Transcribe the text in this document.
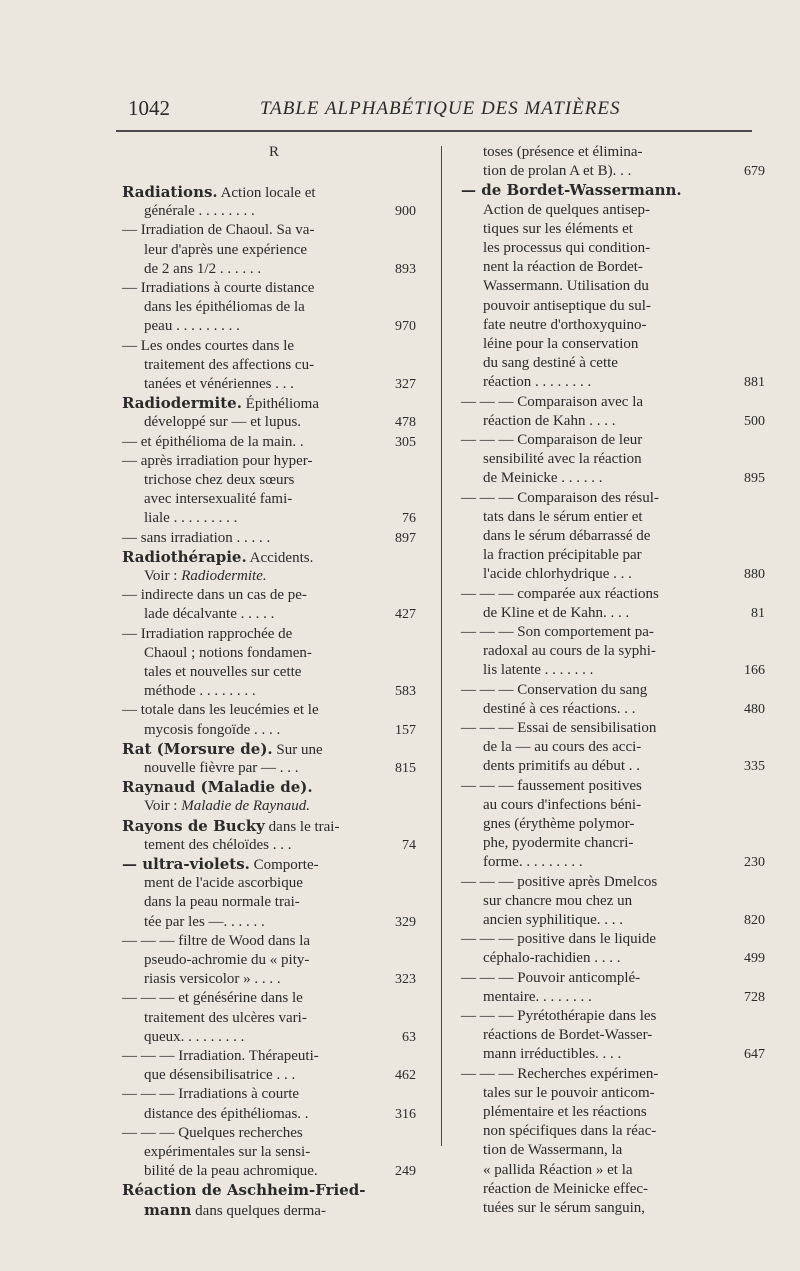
1042	TABLE ALPHABÉTIQUE DES MATIÈRES
R
Radiations. Action locale et
générale . . . . . . . .	900
— Irradiation de Chaoul. Sa va-
leur d'après une expérience
de 2 ans 1/2 . . . . . .	893
— Irradiations à courte distance
dans les épithéliomas de la
peau . . . . . . . . .	970
— Les ondes courtes dans le
traitement des affections cu-
tanées et vénériennes . . .	327
Radiodermite. Épithélioma
développé sur — et lupus.	478
— et épithélioma de la main. .	305
— après irradiation pour hyper-
trichose chez deux sœurs
avec intersexualité fami-
liale . . . . . . . . .	76
— sans irradiation . . . . .	897
Radiothérapie. Accidents.
Voir : Radiodermite.
— indirecte dans un cas de pe-
lade décalvante . . . . .	427
— Irradiation rapprochée de
Chaoul ; notions fondamen-
tales et nouvelles sur cette
méthode . . . . . . . .	583
— totale dans les leucémies et le
mycosis fongoïde . . . .	157
Rat (Morsure de). Sur une
nouvelle fièvre par — . . .	815
Raynaud (Maladie de).
Voir : Maladie de Raynaud.
Rayons de Bucky dans le trai-
tement des chéloïdes . . .	74
— ultra-violets. Comporte-
ment de l'acide ascorbique
dans la peau normale trai-
tée par les —. . . . . .	329
— — — filtre de Wood dans la
pseudo-achromie du « pity-
riasis versicolor » . . . .	323
— — — et génésérine dans le
traitement des ulcères vari-
queux. . . . . . . . .	63
— — — Irradiation. Thérapeuti-
que désensibilisatrice . . .	462
— — — Irradiations à courte
distance des épithéliomas. .	316
— — — Quelques recherches
expérimentales sur la sensi-
bilité de la peau achromique.	249
Réaction de Aschheim-Fried-
mann dans quelques derma-
toses (présence et élimina-
tion de prolan A et B). . .	679
— de Bordet-Wassermann.
Action de quelques antisep-
tiques sur les éléments et
les processus qui condition-
nent la réaction de Bordet-
Wassermann. Utilisation du
pouvoir antiseptique du sul-
fate neutre d'orthoxyquino-
léine pour la conservation
du sang destiné à cette
réaction . . . . . . . .	881
— — — Comparaison avec la
réaction de Kahn . . . .	500
— — — Comparaison de leur
sensibilité avec la réaction
de Meinicke . . . . . .	895
— — — Comparaison des résul-
tats dans le sérum entier et
dans le sérum débarrassé de
la fraction précipitable par
l'acide chlorhydrique . . .	880
— — — comparée aux réactions
de Kline et de Kahn. . . .	81
— — — Son comportement pa-
radoxal au cours de la syphi-
lis latente . . . . . . .	166
— — — Conservation du sang
destiné à ces réactions. . .	480
— — — Essai de sensibilisation
de la — au cours des acci-
dents primitifs au début . .	335
— — — faussement positives
au cours d'infections béni-
gnes (érythème polymor-
phe, pyodermite chancri-
forme. . . . . . . . .	230
— — — positive après Dmelcos
sur chancre mou chez un
ancien syphilitique. . . .	820
— — — positive dans le liquide
céphalo-rachidien . . . .	499
— — — Pouvoir anticomplé-
mentaire. . . . . . . .	728
— — — Pyrétothérapie dans les
réactions de Bordet-Wasser-
mann irréductibles. . . .	647
— — — Recherches expérimen-
tales sur le pouvoir anticom-
plémentaire et les réactions
non spécifiques dans la réac-
tion de Wassermann, la
« pallida Réaction » et la
réaction de Meinicke effec-
tuées sur le sérum sanguin,
